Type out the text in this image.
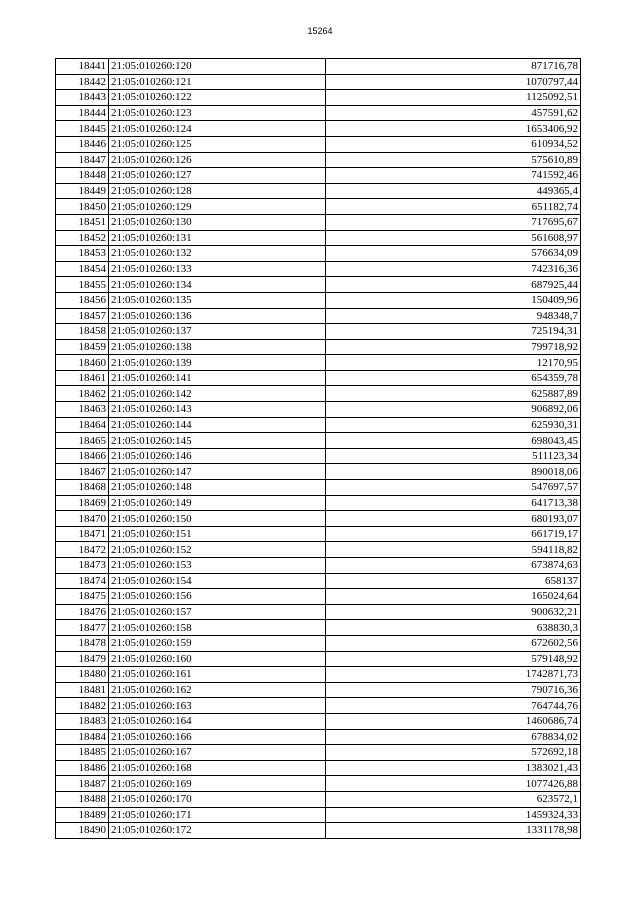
15264
18441	21:05:010260:120	871716,78
18442	21:05:010260:121	1070797,44
18443	21:05:010260:122	1125092,51
18444	21:05:010260:123	457591,62
18445	21:05:010260:124	1653406,92
18446	21:05:010260:125	610934,52
18447	21:05:010260:126	575610,89
18448	21:05:010260:127	741592,46
18449	21:05:010260:128	449365,4
18450	21:05:010260:129	651182,74
18451	21:05:010260:130	717695,67
18452	21:05:010260:131	561608,97
18453	21:05:010260:132	576634,09
18454	21:05:010260:133	742316,36
18455	21:05:010260:134	687925,44
18456	21:05:010260:135	150409,96
18457	21:05:010260:136	948348,7
18458	21:05:010260:137	725194,31
18459	21:05:010260:138	799718,92
18460	21:05:010260:139	12170,95
18461	21:05:010260:141	654359,78
18462	21:05:010260:142	625887,89
18463	21:05:010260:143	906892,06
18464	21:05:010260:144	625930,31
18465	21:05:010260:145	698043,45
18466	21:05:010260:146	511123,34
18467	21:05:010260:147	890018,06
18468	21:05:010260:148	547697,57
18469	21:05:010260:149	641713,38
18470	21:05:010260:150	680193,07
18471	21:05:010260:151	661719,17
18472	21:05:010260:152	594118,82
18473	21:05:010260:153	673874,63
18474	21:05:010260:154	658137
18475	21:05:010260:156	165024,64
18476	21:05:010260:157	900632,21
18477	21:05:010260:158	638830,3
18478	21:05:010260:159	672602,56
18479	21:05:010260:160	579148,92
18480	21:05:010260:161	1742871,73
18481	21:05:010260:162	790716,36
18482	21:05:010260:163	764744,76
18483	21:05:010260:164	1460686,74
18484	21:05:010260:166	678834,02
18485	21:05:010260:167	572692,18
18486	21:05:010260:168	1383021,43
18487	21:05:010260:169	1077426,88
18488	21:05:010260:170	623572,1
18489	21:05:010260:171	1459324,33
18490	21:05:010260:172	1331178,98
